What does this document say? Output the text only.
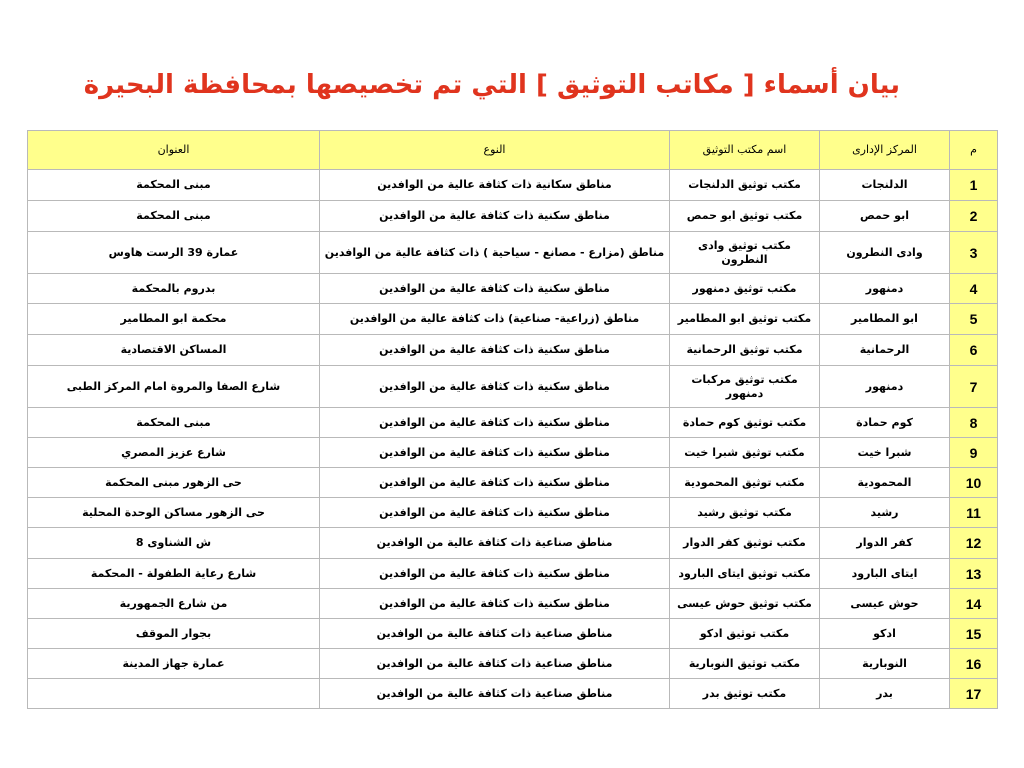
بيان أسماء [ مكاتب التوثيق ] التي تم تخصيصها بمحافظة البحيرة
م	المركز الإدارى	اسم مكتب التوثيق	النوع	العنوان
1	الدلنجات	مكتب توثيق الدلنجات	مناطق سكانية ذات كثافة عالية من الوافدين	مبنى المحكمة
2	ابو حمص	مكتب توثيق ابو حمص	مناطق سكنية ذات كثافة عالية من الوافدين	مبنى المحكمة
3	وادى النطرون	مكتب توثيق وادى النطرون	مناطق (مزارع - مصانع - سياحية ) ذات كثافة عالية من الوافدين	عمارة 39 الرست هاوس
4	دمنهور	مكتب توثيق دمنهور	مناطق سكنية ذات كثافة عالية من الوافدين	بدروم بالمحكمة
5	ابو المطامير	مكتب توثيق ابو المطامير	مناطق (زراعية- صناعية) ذات كثافة عالية من الوافدين	محكمة ابو المطامير
6	الرحمانية	مكتب توثيق الرحمانية	مناطق سكنية ذات كثافة عالية من الوافدين	المساكن الاقتصادية
7	دمنهور	مكتب توثيق مركبات دمنهور	مناطق سكنية ذات كثافة عالية من الوافدين	شارع الصفا والمروة امام المركز الطبى
8	كوم حمادة	مكتب توثيق كوم حمادة	مناطق سكنية ذات كثافة عالية من الوافدين	مبنى المحكمة
9	شبرا خيت	مكتب توثيق شبرا خيت	مناطق سكنية ذات كثافة عالية من الوافدين	شارع عزيز المصري
10	المحمودية	مكتب توثيق المحمودية	مناطق سكنية ذات كثافة عالية من الوافدين	حى الزهور مبنى المحكمة
11	رشيد	مكتب توثيق رشيد	مناطق سكنية ذات كثافة عالية من الوافدين	حى الزهور مساكن الوحدة المحلية
12	كفر الدوار	مكتب توثيق كفر الدوار	مناطق صناعية ذات كثافة عالية من الوافدين	ش الشناوى 8
13	ايتاى البارود	مكتب توثيق ايتاى البارود	مناطق سكنية ذات كثافة عالية من الوافدين	شارع رعاية الطفولة - المحكمة
14	حوش عيسى	مكتب توثيق حوش عيسى	مناطق سكنية ذات كثافة عالية من الوافدين	من شارع الجمهورية
15	ادكو	مكتب توثيق ادكو	مناطق صناعية ذات كثافة عالية من الوافدين	بجوار الموقف
16	النوبارية	مكتب توثيق النوبارية	مناطق صناعية ذات كثافة عالية من الوافدين	عمارة جهاز المدينة
17	بدر	مكتب توثيق بدر	مناطق صناعية ذات كثافة عالية من الوافدين	
